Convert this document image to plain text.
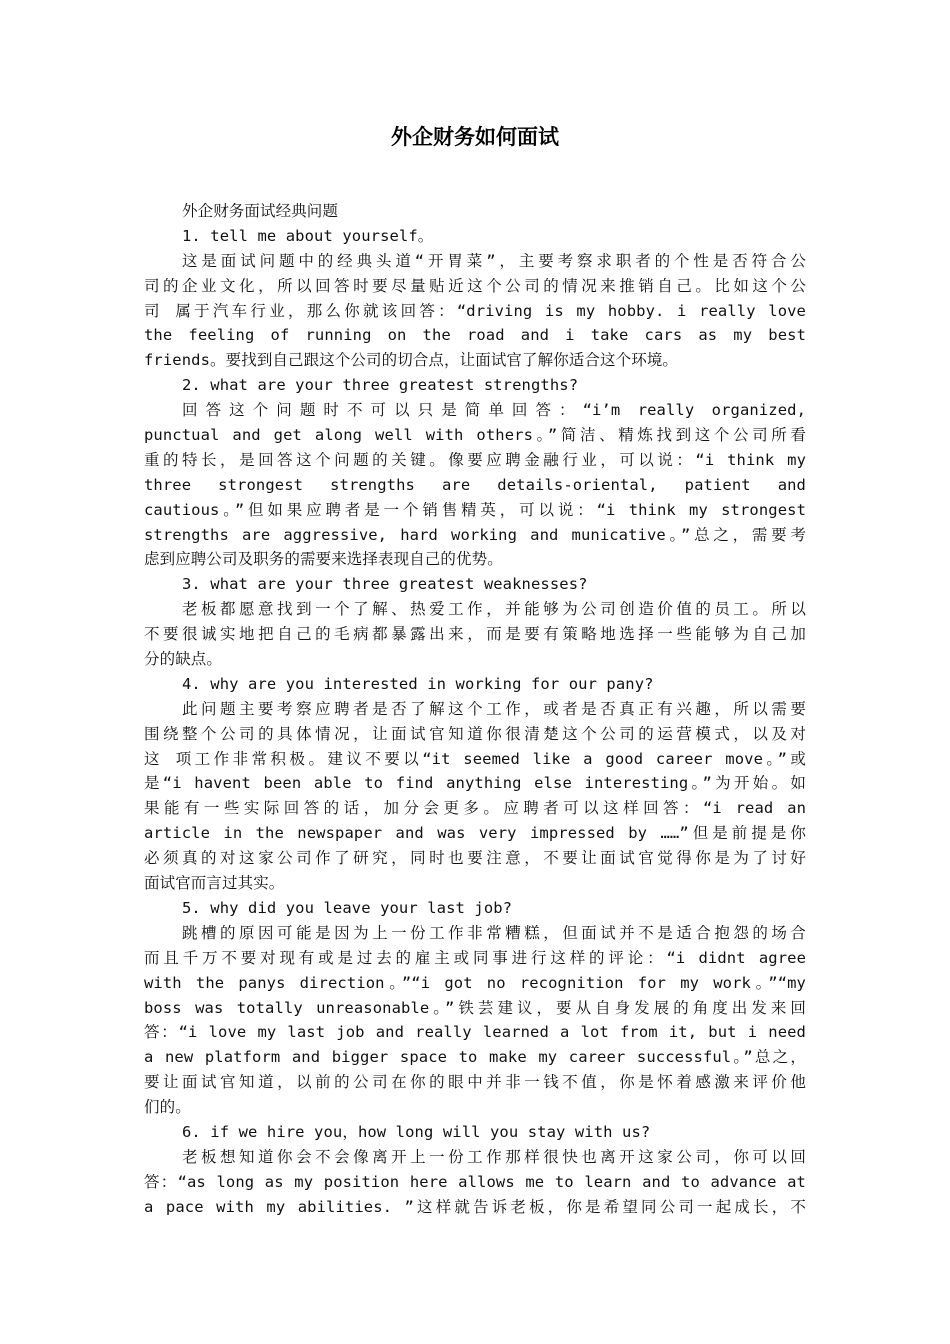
外企财务如何面试
外企财务面试经典问题
1. tell me about yourself。
这是面试问题中的经典头道“开胃菜”，主要考察求职者的个性是否符合公
司的企业文化，所以回答时要尽量贴近这个公司的情况来推销自己。比如这个公
司 属于汽车行业，那么你就该回答：“driving is my hobby. i really love
the feeling of running on the road and i take cars as my best
friends。要找到自己跟这个公司的切合点，让面试官了解你适合这个环境。
2. what are your three greatest strengths?
回答这个问题时不可以只是简单回答：“i’m really organized,
punctual and get along well with others。”简洁、精炼找到这个公司所看
重的特长，是回答这个问题的关键。像要应聘金融行业，可以说：“i think my
three strongest strengths are details-oriental, patient and
cautious。”但如果应聘者是一个销售精英，可以说：“i think my strongest
strengths are aggressive, hard working and municative。”总之，需要考
虑到应聘公司及职务的需要来选择表现自己的优势。
3. what are your three greatest weaknesses?
老板都愿意找到一个了解、热爱工作，并能够为公司创造价值的员工。所以
不要很诚实地把自己的毛病都暴露出来，而是要有策略地选择一些能够为自己加
分的缺点。
4. why are you interested in working for our pany?
此问题主要考察应聘者是否了解这个工作，或者是否真正有兴趣，所以需要
围绕整个公司的具体情况，让面试官知道你很清楚这个公司的运营模式，以及对
这 项工作非常积极。建议不要以“it seemed like a good career move。”或
是“i havent been able to find anything else interesting。”为开始。如
果能有一些实际回答的话，加分会更多。应聘者可以这样回答：“i read an
article in the newspaper and was very impressed by ……”但是前提是你
必须真的对这家公司作了研究，同时也要注意，不要让面试官觉得你是为了讨好
面试官而言过其实。
5. why did you leave your last job?
跳槽的原因可能是因为上一份工作非常糟糕，但面试并不是适合抱怨的场合
而且千万不要对现有或是过去的雇主或同事进行这样的评论：“i didnt agree
with the panys direction。”“i got no recognition for my work。”“my
boss was totally unreasonable。”铁芸建议，要从自身发展的角度出发来回
答：“i love my last job and really learned a lot from it, but i need
a new platform and bigger space to make my career successful。”总之，
要让面试官知道，以前的公司在你的眼中并非一钱不值，你是怀着感激来评价他
们的。
6. if we hire you，how long will you stay with us?
老板想知道你会不会像离开上一份工作那样很快也离开这家公司，你可以回
答：“as long as my position here allows me to learn and to advance at
a pace with my abilities. ”这样就告诉老板，你是希望同公司一起成长，不
